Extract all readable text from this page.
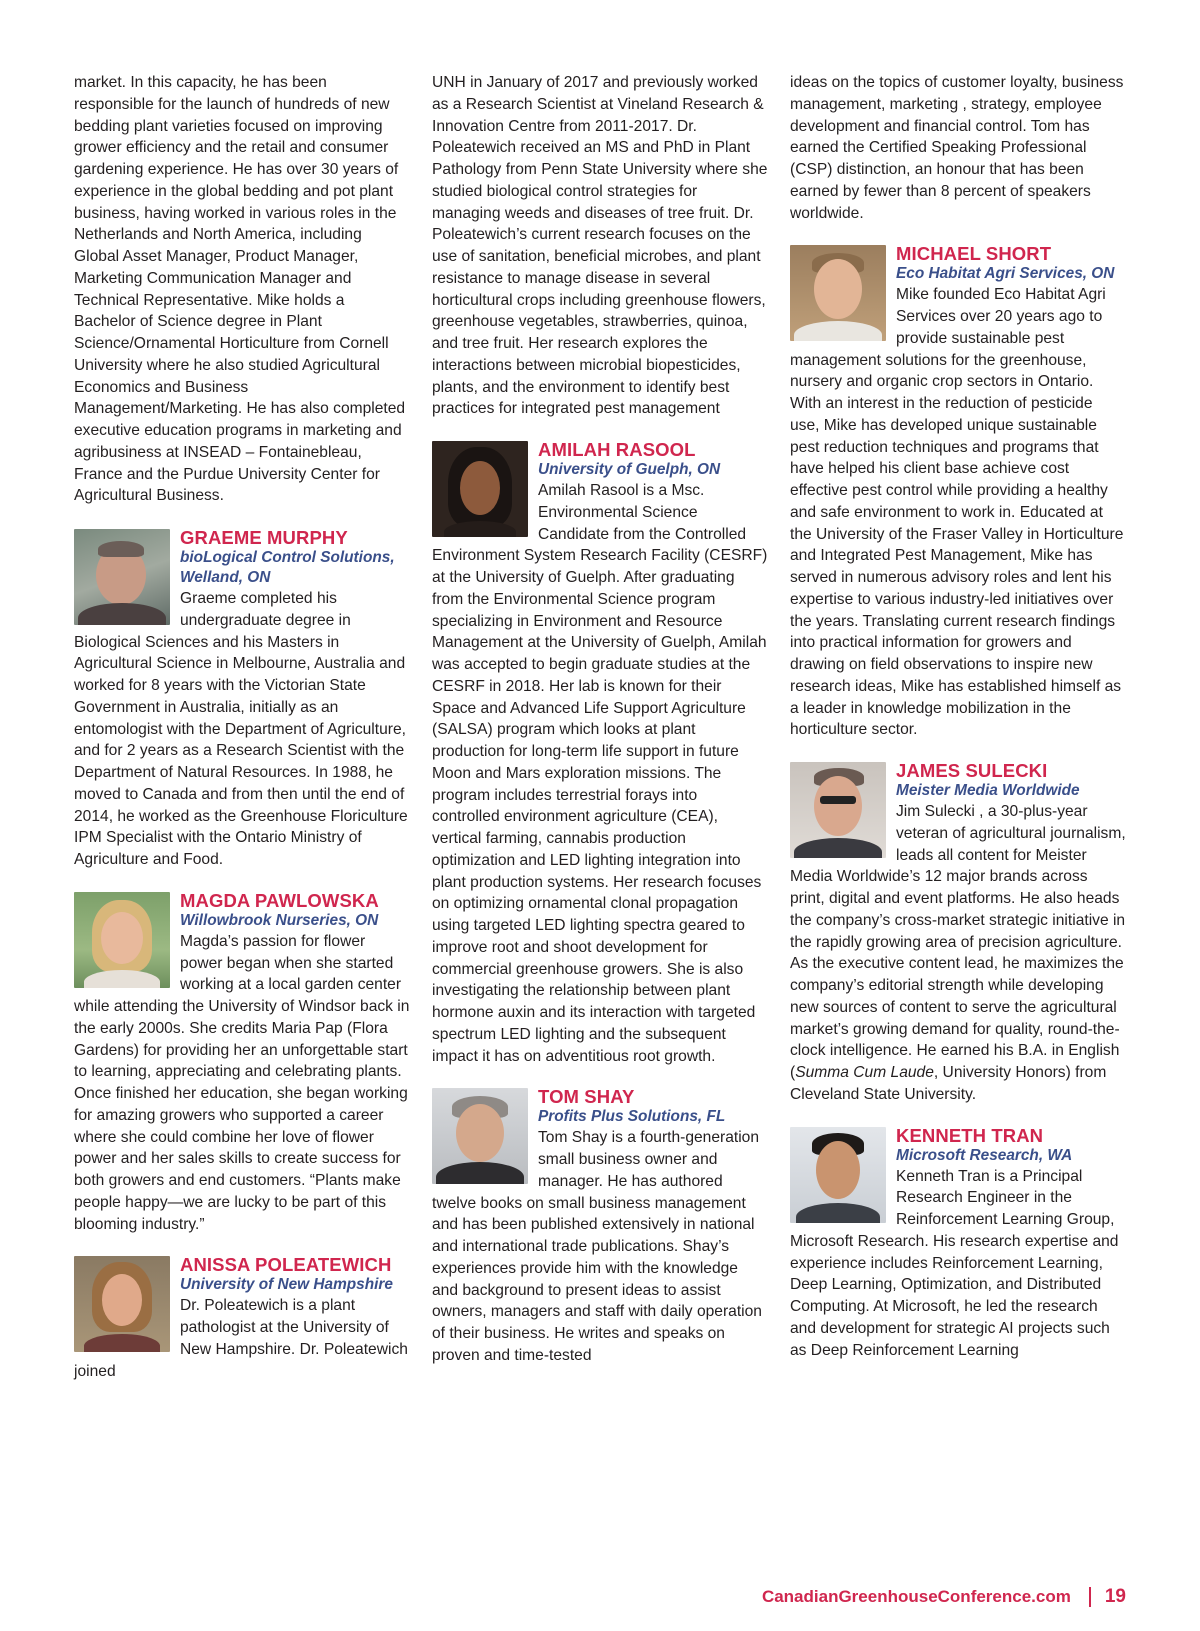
market. In this capacity, he has been responsible for the launch of hundreds of new bedding plant varieties focused on improving grower efficiency and the retail and consumer gardening experience. He has over 30 years of experience in the global bedding and pot plant business, having worked in various roles in the Netherlands and North America, including Global Asset Manager, Product Manager, Marketing Communication Manager and Technical Representative. Mike holds a Bachelor of Science degree in Plant Science/Ornamental Horticulture from Cornell University where he also studied Agricultural Economics and Business Management/Marketing. He has also completed executive education programs in marketing and agribusiness at INSEAD – Fontainebleau, France and the Purdue University Center for Agricultural Business.

GRAEME MURPHY

bioLogical Control Solutions, Welland, ON

Graeme completed his undergraduate degree in Biological Sciences and his Masters in Agricultural Science in Melbourne, Australia and worked for 8 years with the Victorian State Government in Australia, initially as an entomologist with the Department of Agriculture, and for 2 years as a Research Scientist with the Department of Natural Resources. In 1988, he moved to Canada and from then until the end of 2014, he worked as the Greenhouse Floriculture IPM Specialist with the Ontario Ministry of Agriculture and Food.

MAGDA PAWLOWSKA

Willowbrook Nurseries, ON

Magda’s passion for flower power began when she started working at a local garden center while attending the University of Windsor back in the early 2000s. She credits Maria Pap (Flora Gardens) for providing her an unforgettable start to learning, appreciating and celebrating plants. Once finished her education, she began working for amazing growers who supported a career where she could combine her love of flower power and her sales skills to create success for both growers and end customers. “Plants make people happy—we are lucky to be part of this blooming industry.”

ANISSA POLEATEWICH

University of New Hampshire

Dr. Poleatewich is a plant pathologist at the University of New Hampshire. Dr. Poleatewich joined

UNH in January of 2017 and previously worked as a Research Scientist at Vineland Research & Innovation Centre from 2011-2017. Dr. Poleatewich received an MS and PhD in Plant Pathology from Penn State University where she studied biological control strategies for managing weeds and diseases of tree fruit. Dr. Poleatewich’s current research focuses on the use of sanitation, beneficial microbes, and plant resistance to manage disease in several horticultural crops including greenhouse flowers, greenhouse vegetables, strawberries, quinoa, and tree fruit. Her research explores the interactions between microbial biopesticides, plants, and the environment to identify best practices for integrated pest management

AMILAH RASOOL

University of Guelph, ON

Amilah Rasool is a Msc. Environmental Science Candidate from the Controlled Environment System Research Facility (CESRF) at the University of Guelph. After graduating from the Environmental Science program specializing in Environment and Resource Management at the University of Guelph, Amilah was accepted to begin graduate studies at the CESRF in 2018. Her lab is known for their Space and Advanced Life Support Agriculture (SALSA) program which looks at plant production for long-term life support in future Moon and Mars exploration missions. The program includes terrestrial forays into controlled environment agriculture (CEA), vertical farming, cannabis production optimization and LED lighting integration into plant production systems. Her research focuses on optimizing ornamental clonal propagation using targeted LED lighting spectra geared to improve root and shoot development for commercial greenhouse growers. She is also investigating the relationship between plant hormone auxin and its interaction with targeted spectrum LED lighting and the subsequent impact it has on adventitious root growth.

TOM SHAY

Profits Plus Solutions, FL

Tom Shay is a fourth-generation small business owner and manager. He has authored twelve books on small business management and has been published extensively in national and international trade publications. Shay’s experiences provide him with the knowledge and background to present ideas to assist owners, managers and staff with daily operation of their business. He writes and speaks on proven and time-tested

ideas on the topics of customer loyalty, business management, marketing , strategy, employee development and financial control. Tom has earned the Certified Speaking Professional (CSP) distinction, an honour that has been earned by fewer than 8 percent of speakers worldwide.

MICHAEL SHORT

Eco Habitat Agri Services, ON

Mike founded Eco Habitat Agri Services over 20 years ago to provide sustainable pest management solutions for the greenhouse, nursery and organic crop sectors in Ontario. With an interest in the reduction of pesticide use, Mike has developed unique sustainable pest reduction techniques and programs that have helped his client base achieve cost effective pest control while providing a healthy and safe environment to work in. Educated at the University of the Fraser Valley in Horticulture and Integrated Pest Management, Mike has served in numerous advisory roles and lent his expertise to various industry-led initiatives over the years. Translating current research findings into practical information for growers and drawing on field observations to inspire new research ideas, Mike has established himself as a leader in knowledge mobilization in the horticulture sector.

JAMES SULECKI

Meister Media Worldwide

Jim Sulecki , a 30-plus-year veteran of agricultural journalism, leads all content for Meister Media Worldwide’s 12 major brands across print, digital and event platforms. He also heads the company’s cross-market strategic initiative in the rapidly growing area of precision agriculture. As the executive content lead, he maximizes the company’s editorial strength while developing new sources of content to serve the agricultural market’s growing demand for quality, round-the-clock intelligence. He earned his B.A. in English (Summa Cum Laude, University Honors) from Cleveland State University.

KENNETH TRAN

Microsoft Research, WA

Kenneth Tran is a Principal Research Engineer in the Reinforcement Learning Group, Microsoft Research. His research expertise and experience includes Reinforcement Learning, Deep Learning, Optimization, and Distributed Computing. At Microsoft, he led the research and development for strategic AI projects such as Deep Reinforcement Learning

CanadianGreenhouseConference.com 19
